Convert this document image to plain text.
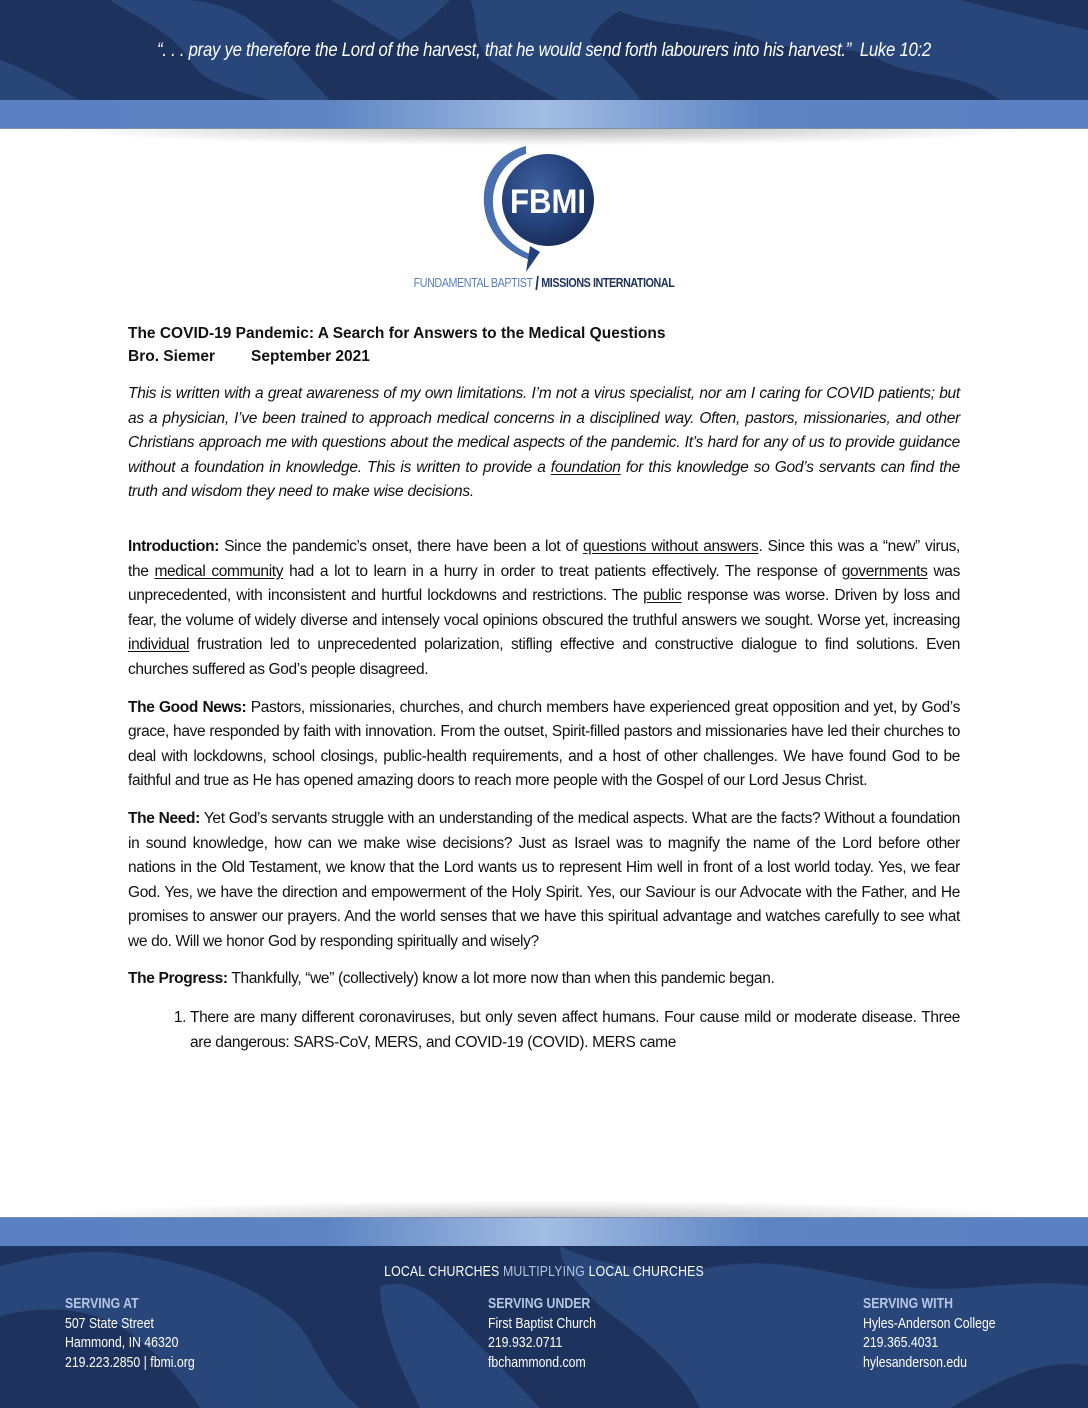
“. . . pray ye therefore the Lord of the harvest, that he would send forth labourers into his harvest.” Luke 10:2
FBMI
FUNDAMENTAL BAPTIST MISSIONS INTERNATIONAL
The COVID-19 Pandemic: A Search for Answers to the Medical Questions
Bro. Siemer September 2021
This is written with a great awareness of my own limitations. I’m not a virus specialist, nor am I caring for COVID patients; but as a physician, I’ve been trained to approach medical concerns in a disciplined way. Often, pastors, missionaries, and other Christians approach me with questions about the medical aspects of the pandemic. It’s hard for any of us to provide guidance without a foundation in knowledge. This is written to provide a foundation for this knowledge so God’s servants can find the truth and wisdom they need to make wise decisions.

Introduction: Since the pandemic’s onset, there have been a lot of questions without answers. Since this was a “new” virus, the medical community had a lot to learn in a hurry in order to treat patients effectively. The response of governments was unprecedented, with inconsistent and hurtful lockdowns and restrictions. The public response was worse. Driven by loss and fear, the volume of widely diverse and intensely vocal opinions obscured the truthful answers we sought. Worse yet, increasing individual frustration led to unprecedented polarization, stifling effective and constructive dialogue to find solutions. Even churches suffered as God’s people disagreed.

The Good News: Pastors, missionaries, churches, and church members have experienced great opposition and yet, by God’s grace, have responded by faith with innovation. From the outset, Spirit-filled pastors and missionaries have led their churches to deal with lockdowns, school closings, public-health requirements, and a host of other challenges. We have found God to be faithful and true as He has opened amazing doors to reach more people with the Gospel of our Lord Jesus Christ.

The Need: Yet God’s servants struggle with an understanding of the medical aspects. What are the facts? Without a foundation in sound knowledge, how can we make wise decisions? Just as Israel was to magnify the name of the Lord before other nations in the Old Testament, we know that the Lord wants us to represent Him well in front of a lost world today. Yes, we fear God. Yes, we have the direction and empowerment of the Holy Spirit. Yes, our Saviour is our Advocate with the Father, and He promises to answer our prayers. And the world senses that we have this spiritual advantage and watches carefully to see what we do. Will we honor God by responding spiritually and wisely?

The Progress: Thankfully, “we” (collectively) know a lot more now than when this pandemic began.

1. There are many different coronaviruses, but only seven affect humans. Four cause mild or moderate disease. Three are dangerous: SARS-CoV, MERS, and COVID-19 (COVID). MERS came
LOCAL CHURCHES MULTIPLYING LOCAL CHURCHES
SERVING AT
507 State Street
Hammond, IN 46320
219.223.2850 | fbmi.org
SERVING UNDER
First Baptist Church
219.932.0711
fbchammond.com
SERVING WITH
Hyles-Anderson College
219.365.4031
hylesanderson.edu
